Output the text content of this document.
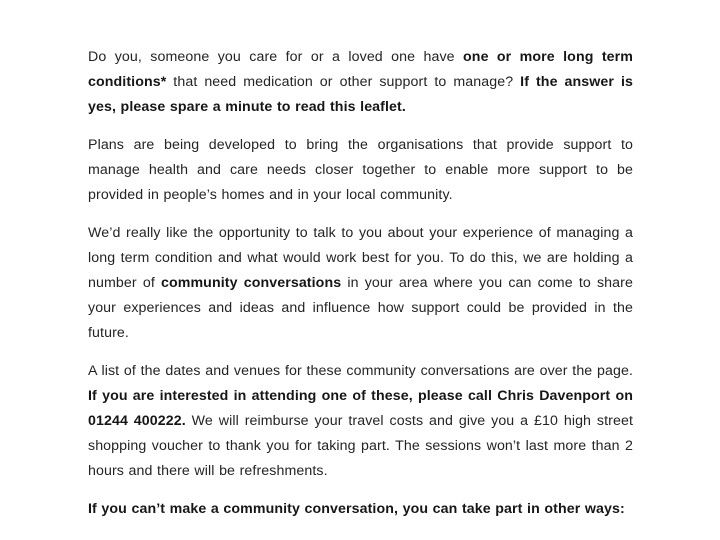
Do you, someone you care for or a loved one have one or more long term conditions* that need medication or other support to manage? If the answer is yes, please spare a minute to read this leaflet.

Plans are being developed to bring the organisations that provide support to manage health and care needs closer together to enable more support to be provided in people’s homes and in your local community.

We’d really like the opportunity to talk to you about your experience of managing a long term condition and what would work best for you. To do this, we are holding a number of community conversations in your area where you can come to share your experiences and ideas and influence how support could be provided in the future.

A list of the dates and venues for these community conversations are over the page. If you are interested in attending one of these, please call Chris Davenport on 01244 400222. We will reimburse your travel costs and give you a £10 high street shopping voucher to thank you for taking part. The sessions won’t last more than 2 hours and there will be refreshments.

If you can’t make a community conversation, you can take part in other ways:
